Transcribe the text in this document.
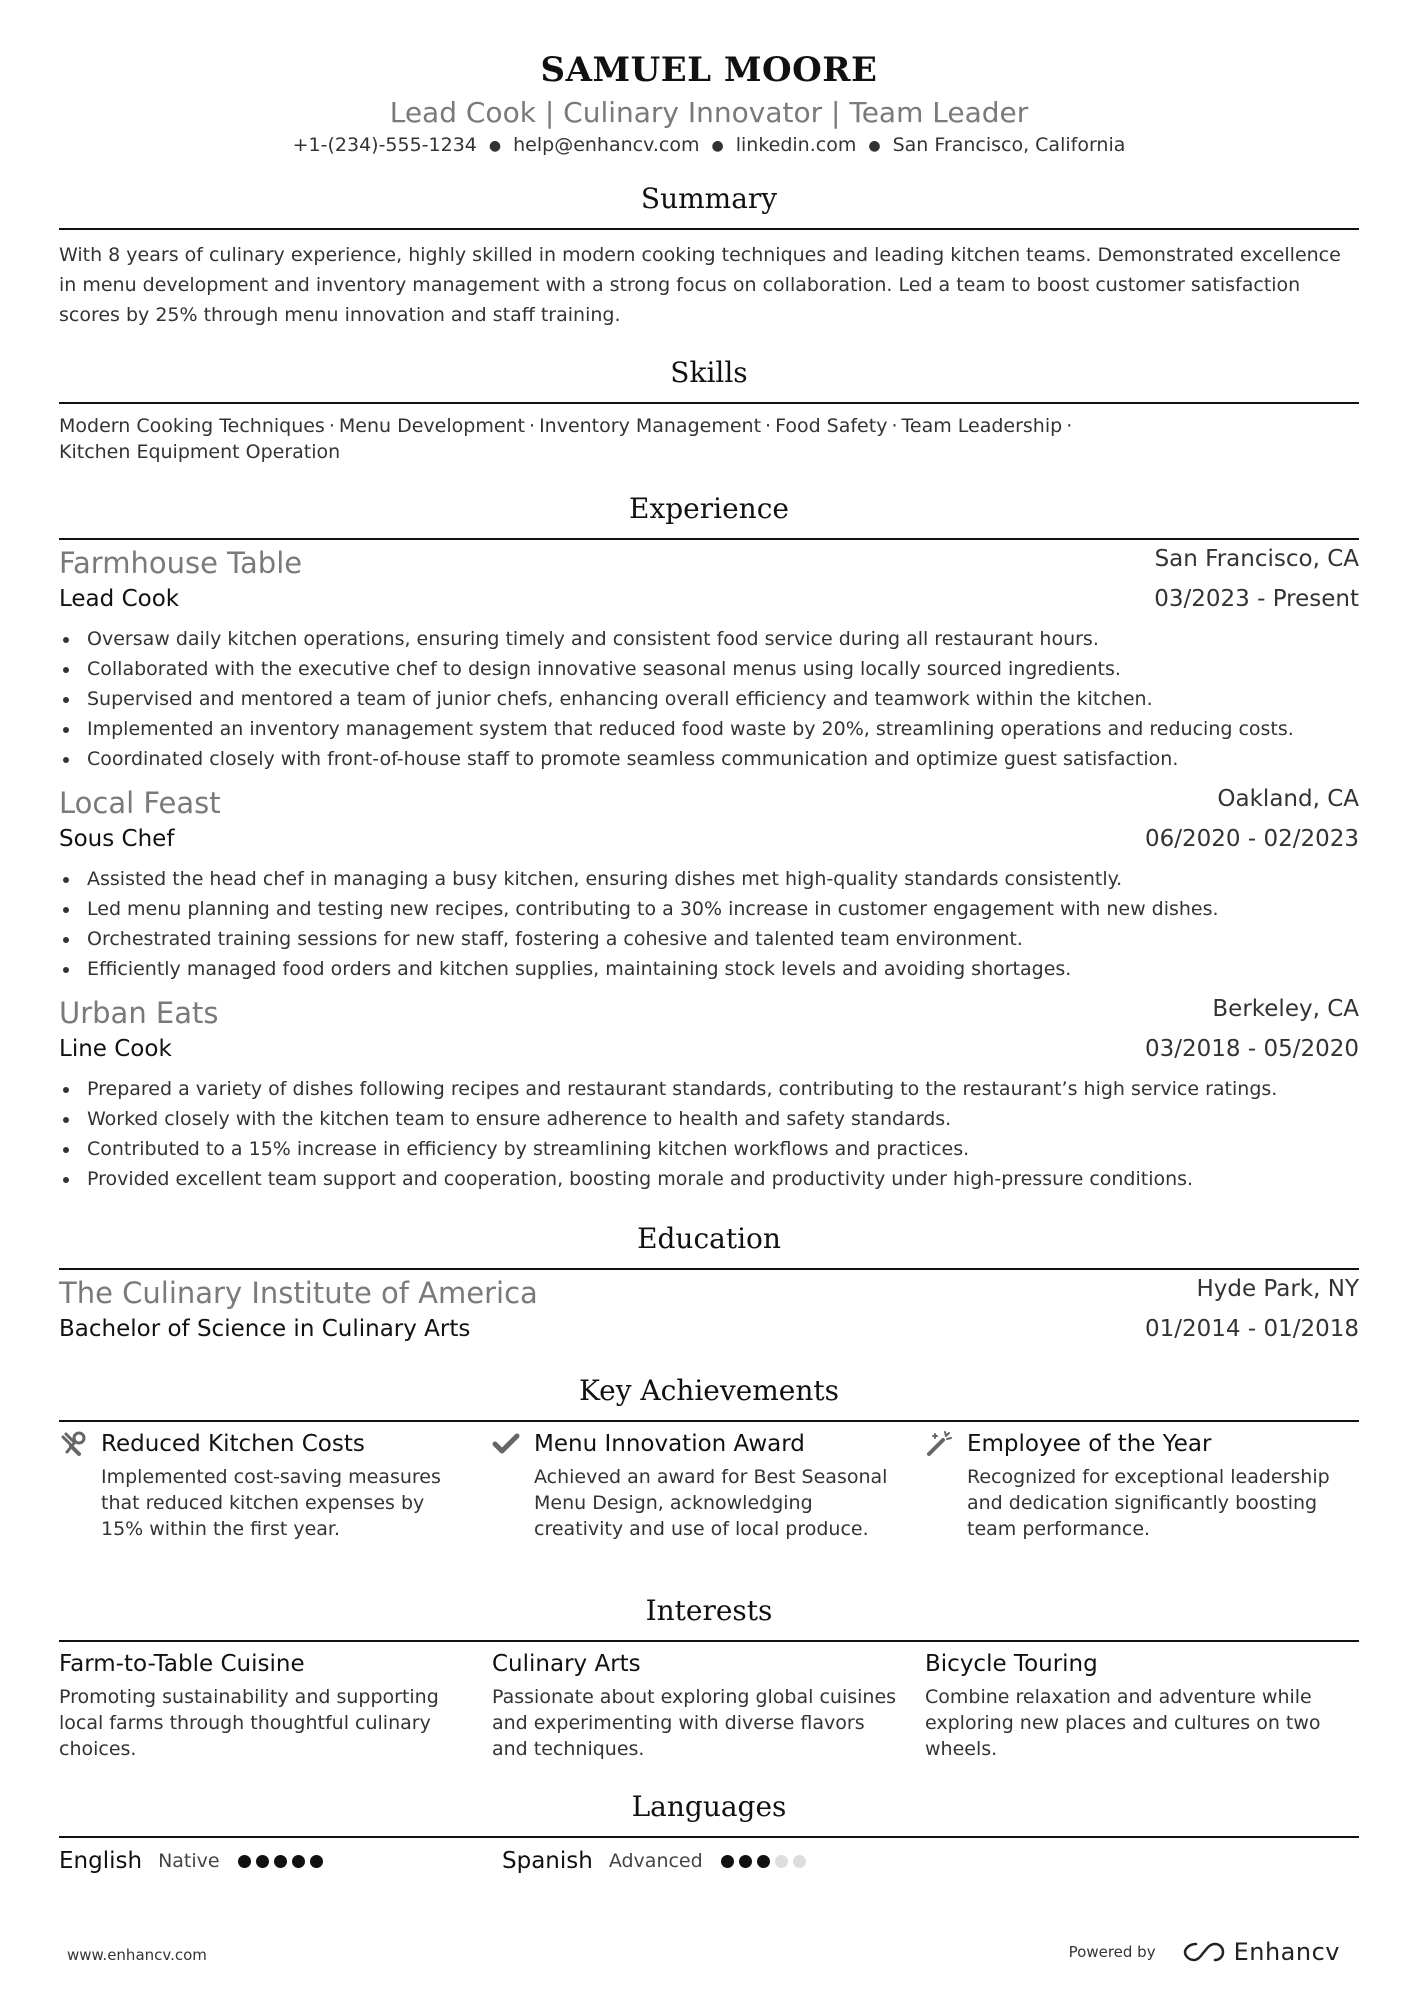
SAMUEL MOORE
Lead Cook | Culinary Innovator | Team Leader
+1-(234)-555-1234 ● help@enhancv.com ● linkedin.com ● San Francisco, California
Summary
With 8 years of culinary experience, highly skilled in modern cooking techniques and leading kitchen teams. Demonstrated excellence in menu development and inventory management with a strong focus on collaboration. Led a team to boost customer satisfaction scores by 25% through menu innovation and staff training.
Skills
Modern Cooking Techniques · Menu Development · Inventory Management · Food Safety · Team Leadership ·
Kitchen Equipment Operation
Experience
Farmhouse Table	San Francisco, CA
Lead Cook	03/2023 - Present
Oversaw daily kitchen operations, ensuring timely and consistent food service during all restaurant hours.
Collaborated with the executive chef to design innovative seasonal menus using locally sourced ingredients.
Supervised and mentored a team of junior chefs, enhancing overall efficiency and teamwork within the kitchen.
Implemented an inventory management system that reduced food waste by 20%, streamlining operations and reducing costs.
Coordinated closely with front-of-house staff to promote seamless communication and optimize guest satisfaction.
Local Feast	Oakland, CA
Sous Chef	06/2020 - 02/2023
Assisted the head chef in managing a busy kitchen, ensuring dishes met high-quality standards consistently.
Led menu planning and testing new recipes, contributing to a 30% increase in customer engagement with new dishes.
Orchestrated training sessions for new staff, fostering a cohesive and talented team environment.
Efficiently managed food orders and kitchen supplies, maintaining stock levels and avoiding shortages.
Urban Eats	Berkeley, CA
Line Cook	03/2018 - 05/2020
Prepared a variety of dishes following recipes and restaurant standards, contributing to the restaurant’s high service ratings.
Worked closely with the kitchen team to ensure adherence to health and safety standards.
Contributed to a 15% increase in efficiency by streamlining kitchen workflows and practices.
Provided excellent team support and cooperation, boosting morale and productivity under high-pressure conditions.
Education
The Culinary Institute of America	Hyde Park, NY
Bachelor of Science in Culinary Arts	01/2014 - 01/2018
Key Achievements
Reduced Kitchen Costs
Implemented cost-saving measures that reduced kitchen expenses by 15% within the first year.
Menu Innovation Award
Achieved an award for Best Seasonal Menu Design, acknowledging creativity and use of local produce.
Employee of the Year
Recognized for exceptional leadership and dedication significantly boosting team performance.
Interests
Farm-to-Table Cuisine
Promoting sustainability and supporting local farms through thoughtful culinary choices.
Culinary Arts
Passionate about exploring global cuisines and experimenting with diverse flavors and techniques.
Bicycle Touring
Combine relaxation and adventure while exploring new places and cultures on two wheels.
Languages
English Native	Spanish Advanced
www.enhancv.com	Powered by	Enhancv
